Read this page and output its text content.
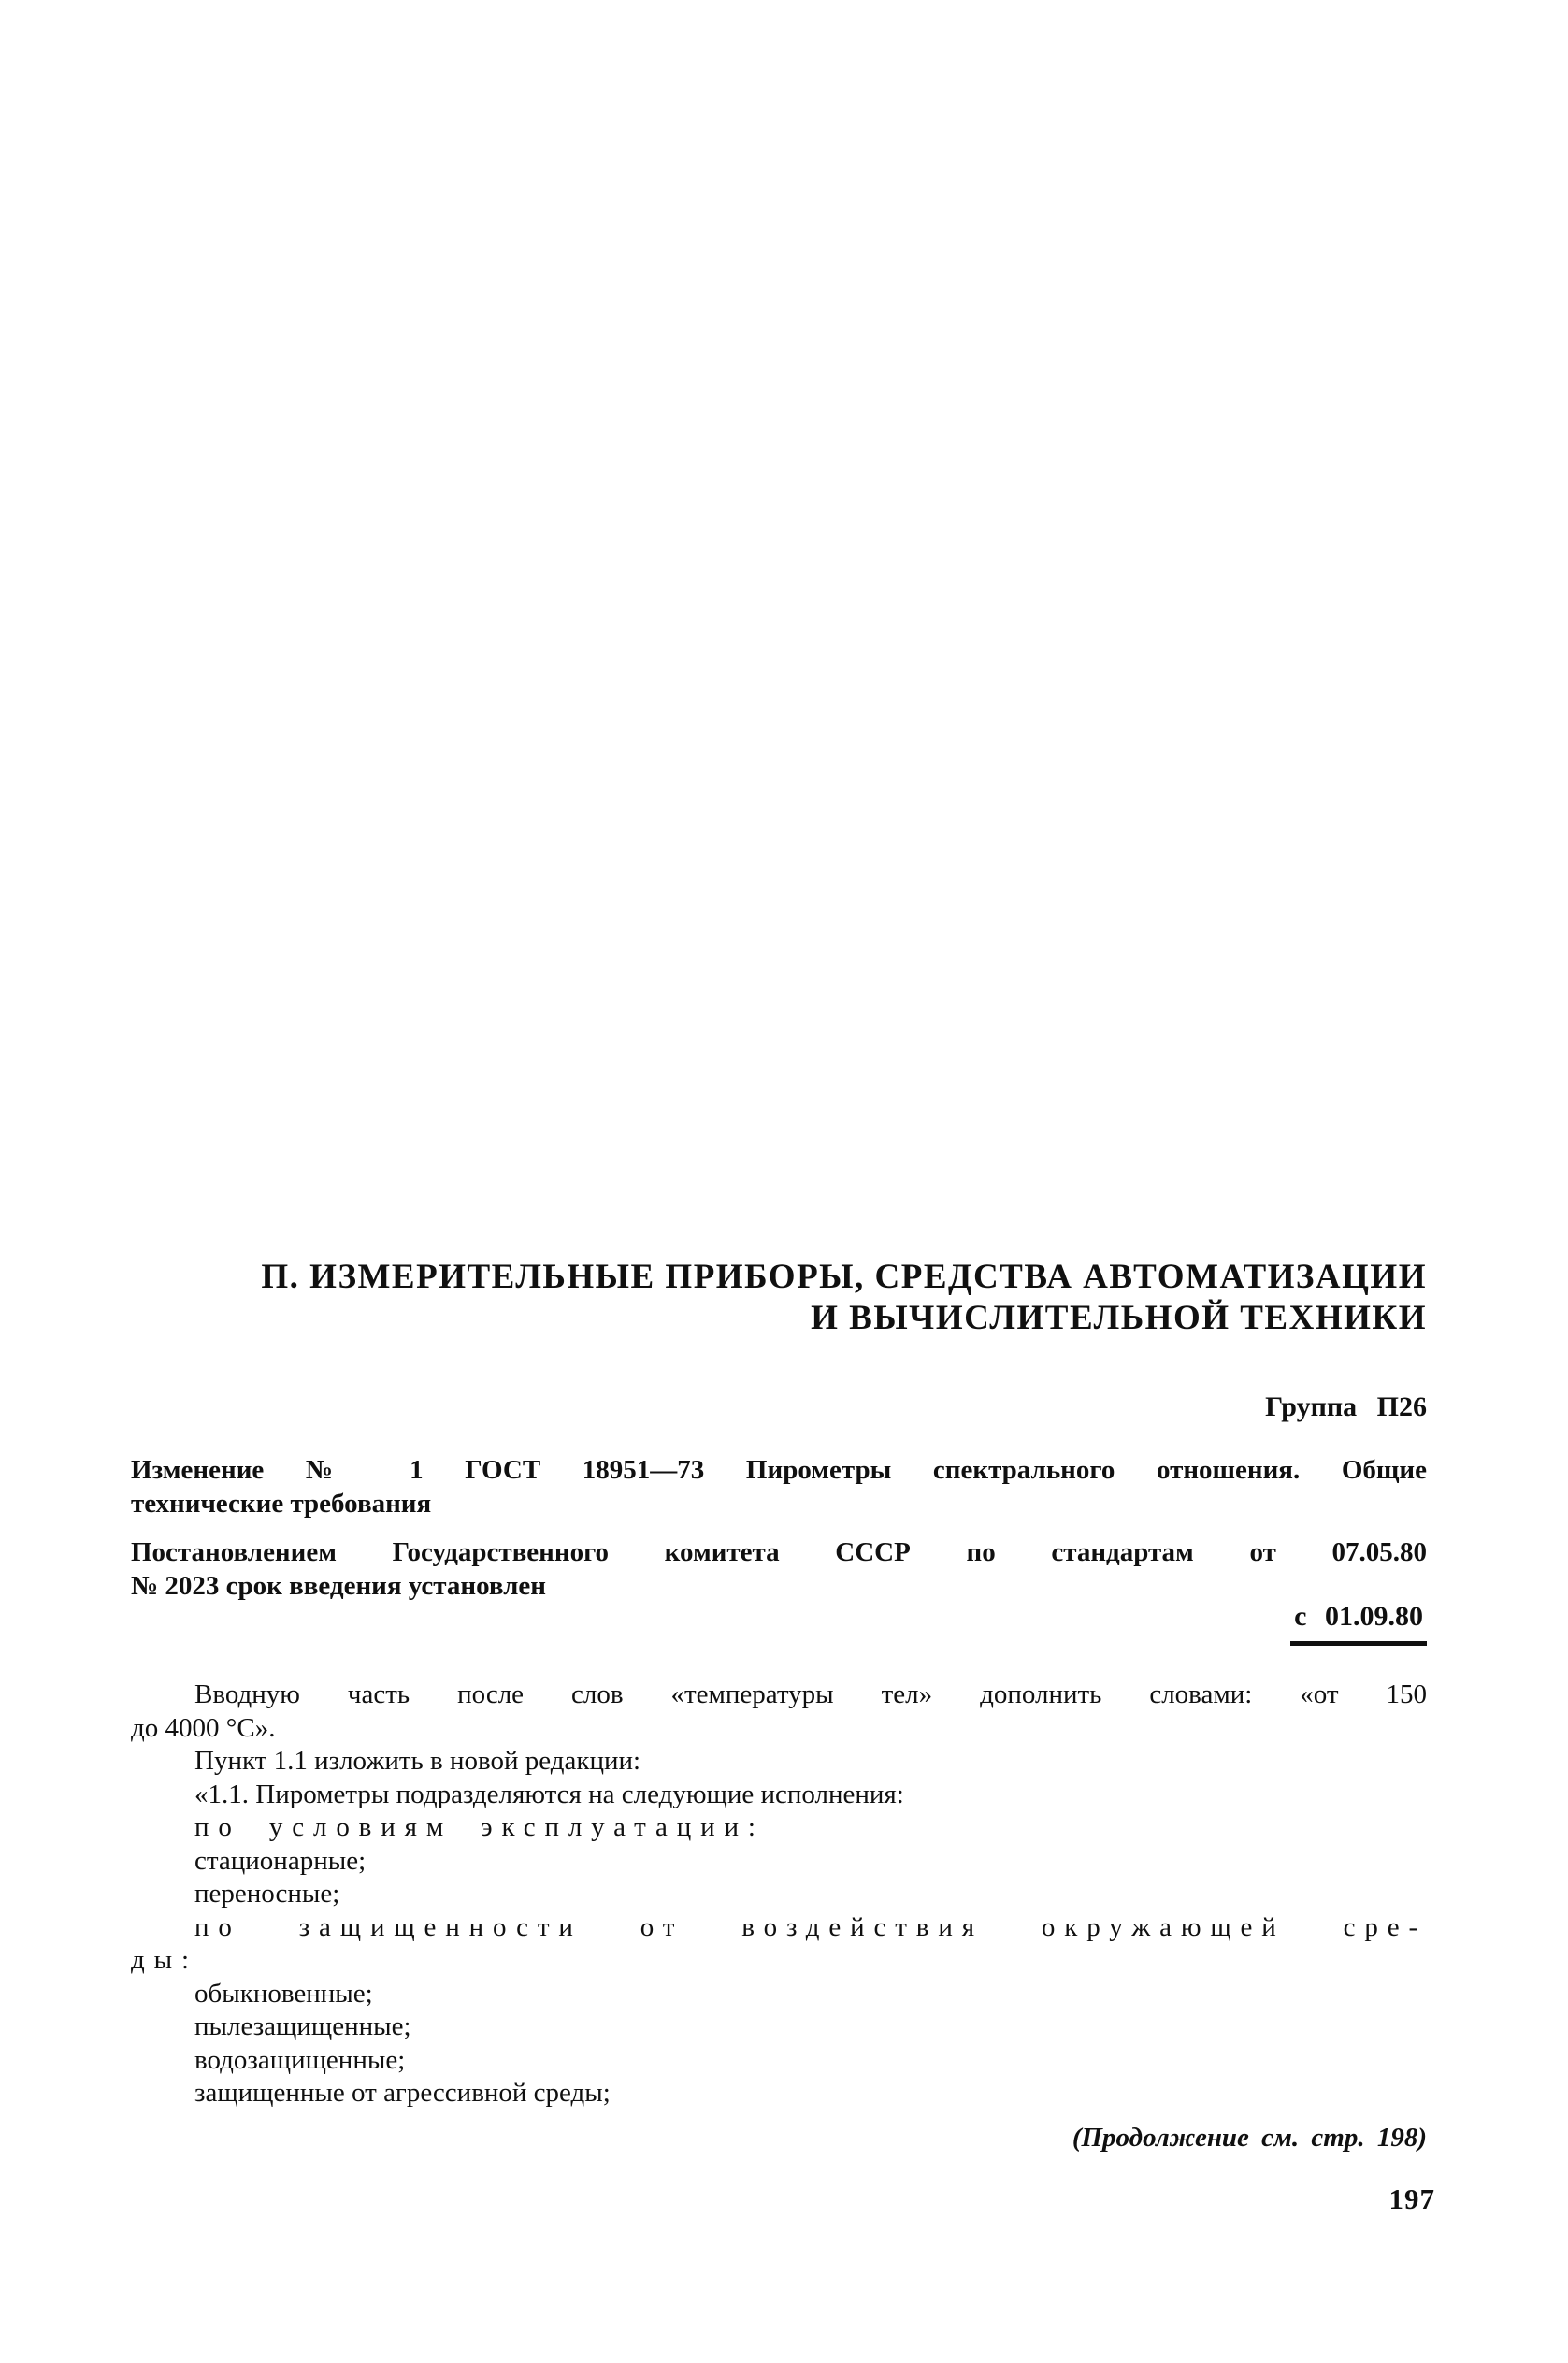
П. ИЗМЕРИТЕЛЬНЫЕ ПРИБОРЫ, СРЕДСТВА АВТОМАТИЗАЦИИ
И ВЫЧИСЛИТЕЛЬНОЙ ТЕХНИКИ
Группа П26
Изменение № 1 ГОСТ 18951—73 Пирометры спектрального отношения. Общие
технические требования
Постановлением Государственного комитета СССР по стандартам от 07.05.80
№ 2023 срок введения установлен
с 01.09.80
Вводную часть после слов «температуры тел» дополнить словами: «от 150
до 4000 °С».
Пункт 1.1 изложить в новой редакции:
«1.1. Пирометры подразделяются на следующие исполнения:
по условиям эксплуатации:
стационарные;
переносные;
по защищенности от воздействия окружающей сре-
ды:
обыкновенные;
пылезащищенные;
водозащищенные;
защищенные от агрессивной среды;
(Продолжение см. стр. 198)
197
